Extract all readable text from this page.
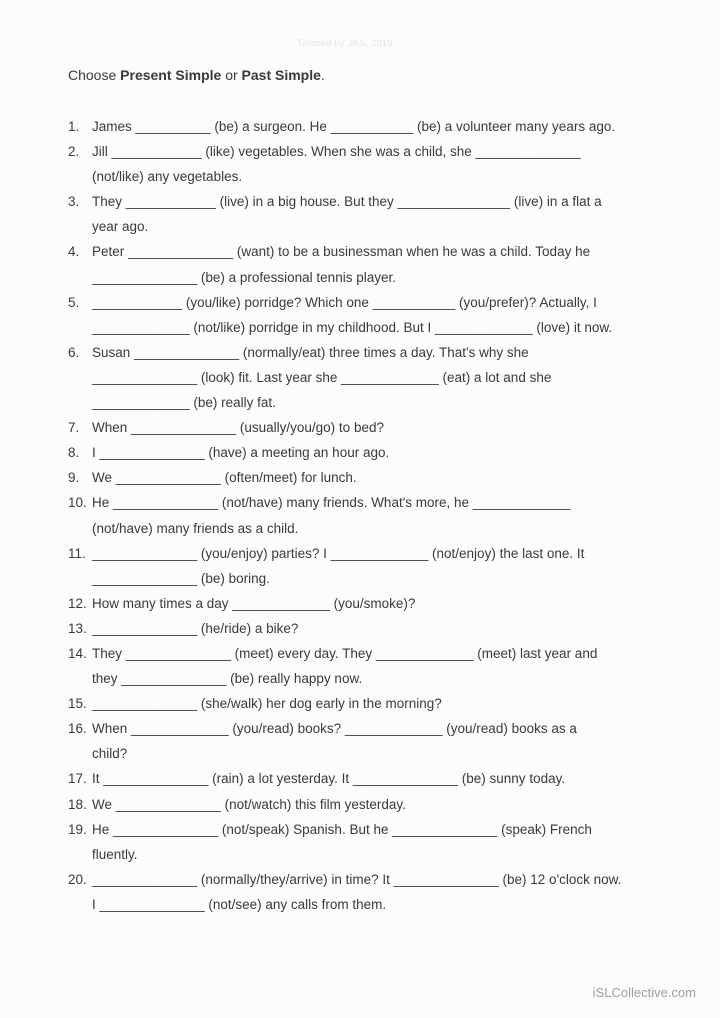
Tailored by JKS, 2019
Choose Present Simple or Past Simple.
1. James __________ (be) a surgeon. He ___________ (be) a volunteer many years ago.
2. Jill ____________ (like) vegetables. When she was a child, she ______________
(not/like) any vegetables.
3. They ____________ (live) in a big house. But they _______________ (live) in a flat a
year ago.
4. Peter ______________ (want) to be a businessman when he was a child. Today he
______________ (be) a professional tennis player.
5. ____________ (you/like) porridge? Which one ___________ (you/prefer)? Actually, I
_____________ (not/like) porridge in my childhood. But I _____________ (love) it now.
6. Susan ______________ (normally/eat) three times a day. That's why she
______________ (look) fit. Last year she _____________ (eat) a lot and she
_____________ (be) really fat.
7. When ______________ (usually/you/go) to bed?
8. I ______________ (have) a meeting an hour ago.
9. We ______________ (often/meet) for lunch.
10. He ______________ (not/have) many friends. What's more, he _____________
(not/have) many friends as a child.
11. ______________ (you/enjoy) parties? I _____________ (not/enjoy) the last one. It
______________ (be) boring.
12. How many times a day _____________ (you/smoke)?
13. ______________ (he/ride) a bike?
14. They ______________ (meet) every day. They _____________ (meet) last year and
they ______________ (be) really happy now.
15. ______________ (she/walk) her dog early in the morning?
16. When _____________ (you/read) books? _____________ (you/read) books as a
child?
17. It ______________ (rain) a lot yesterday. It ______________ (be) sunny today.
18. We ______________ (not/watch) this film yesterday.
19. He ______________ (not/speak) Spanish. But he ______________ (speak) French
fluently.
20. ______________ (normally/they/arrive) in time? It ______________ (be) 12 o'clock now.
I ______________ (not/see) any calls from them.
iSLCollective.com
